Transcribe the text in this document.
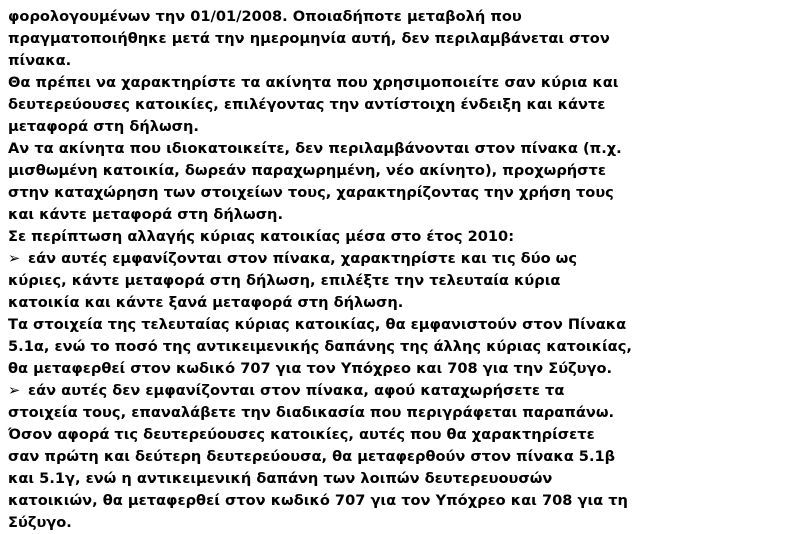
φορολογουμένων την 01/01/2008. Οποιαδήποτε μεταβολή που
πραγματοποιήθηκε μετά την ημερομηνία αυτή, δεν περιλαμβάνεται στον
πίνακα.
Θα πρέπει να χαρακτηρίστε τα ακίνητα που χρησιμοποιείτε σαν κύρια και
δευτερεύουσες κατοικίες, επιλέγοντας την αντίστοιχη ένδειξη και κάντε
μεταφορά στη δήλωση.
Αν τα ακίνητα που ιδιοκατοικείτε, δεν περιλαμβάνονται στον πίνακα (π.χ.
μισθωμένη κατοικία, δωρεάν παραχωρημένη, νέο ακίνητο), προχωρήστε
στην καταχώρηση των στοιχείων τους, χαρακτηρίζοντας την χρήση τους
και κάντε μεταφορά στη δήλωση.
Σε περίπτωση αλλαγής κύριας κατοικίας μέσα στο έτος 2010:
➢ εάν αυτές εμφανίζονται στον πίνακα, χαρακτηρίστε και τις δύο ως
κύριες, κάντε μεταφορά στη δήλωση, επιλέξτε την τελευταία κύρια
κατοικία και κάντε ξανά μεταφορά στη δήλωση.
Τα στοιχεία της τελευταίας κύριας κατοικίας, θα εμφανιστούν στον Πίνακα
5.1α, ενώ το ποσό της αντικειμενικής δαπάνης της άλλης κύριας κατοικίας,
θα μεταφερθεί στον κωδικό 707 για τον Υπόχρεο και 708 για την Σύζυγο.
➢ εάν αυτές δεν εμφανίζονται στον πίνακα, αφού καταχωρήσετε τα
στοιχεία τους, επαναλάβετε την διαδικασία που περιγράφεται παραπάνω.
Όσον αφορά τις δευτερεύουσες κατοικίες, αυτές που θα χαρακτηρίσετε
σαν πρώτη και δεύτερη δευτερεύουσα, θα μεταφερθούν στον πίνακα 5.1β
και 5.1γ, ενώ η αντικειμενική δαπάνη των λοιπών δευτερευουσών
κατοικιών, θα μεταφερθεί στον κωδικό 707 για τον Υπόχρεο και 708 για τη
Σύζυγο.
